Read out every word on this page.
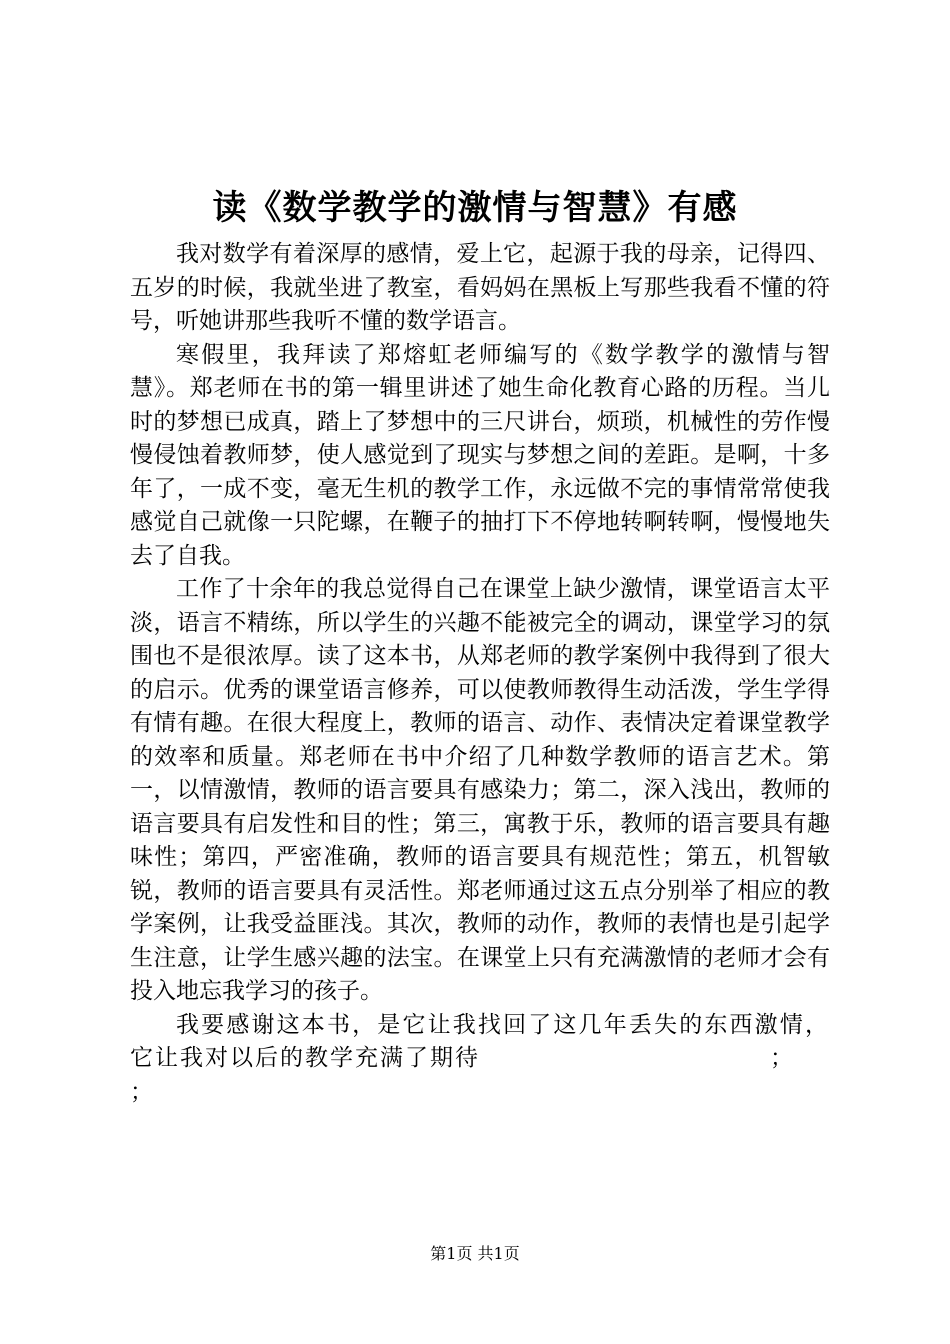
读《数学教学的激情与智慧》有感

我对数学有着深厚的感情，爱上它，起源于我的母亲，记得四、五岁的时候，我就坐进了教室，看妈妈在黑板上写那些我看不懂的符号，听她讲那些我听不懂的数学语言。

寒假里，我拜读了郑熔虹老师编写的《数学教学的激情与智慧》。郑老师在书的第一辑里讲述了她生命化教育心路的历程。当儿时的梦想已成真，踏上了梦想中的三尺讲台，烦琐，机械性的劳作慢慢侵蚀着教师梦，使人感觉到了现实与梦想之间的差距。是啊，十多年了，一成不变，毫无生机的教学工作，永远做不完的事情常常使我感觉自己就像一只陀螺，在鞭子的抽打下不停地转啊转啊，慢慢地失去了自我。

工作了十余年的我总觉得自己在课堂上缺少激情，课堂语言太平淡，语言不精练，所以学生的兴趣不能被完全的调动，课堂学习的氛围也不是很浓厚。读了这本书，从郑老师的教学案例中我得到了很大的启示。优秀的课堂语言修养，可以使教师教得生动活泼，学生学得有情有趣。在很大程度上，教师的语言、动作、表情决定着课堂教学的效率和质量。郑老师在书中介绍了几种数学教师的语言艺术。第一，以情激情，教师的语言要具有感染力；第二，深入浅出，教师的语言要具有启发性和目的性；第三，寓教于乐，教师的语言要具有趣味性；第四，严密准确，教师的语言要具有规范性；第五，机智敏锐，教师的语言要具有灵活性。郑老师通过这五点分别举了相应的教学案例，让我受益匪浅。其次，教师的动作，教师的表情也是引起学生注意，让学生感兴趣的法宝。在课堂上只有充满激情的老师才会有投入地忘我学习的孩子。

我要感谢这本书，是它让我找回了这几年丢失的东西激情，它让我对以后的教学充满了期待	；

；

第1页 共1页
